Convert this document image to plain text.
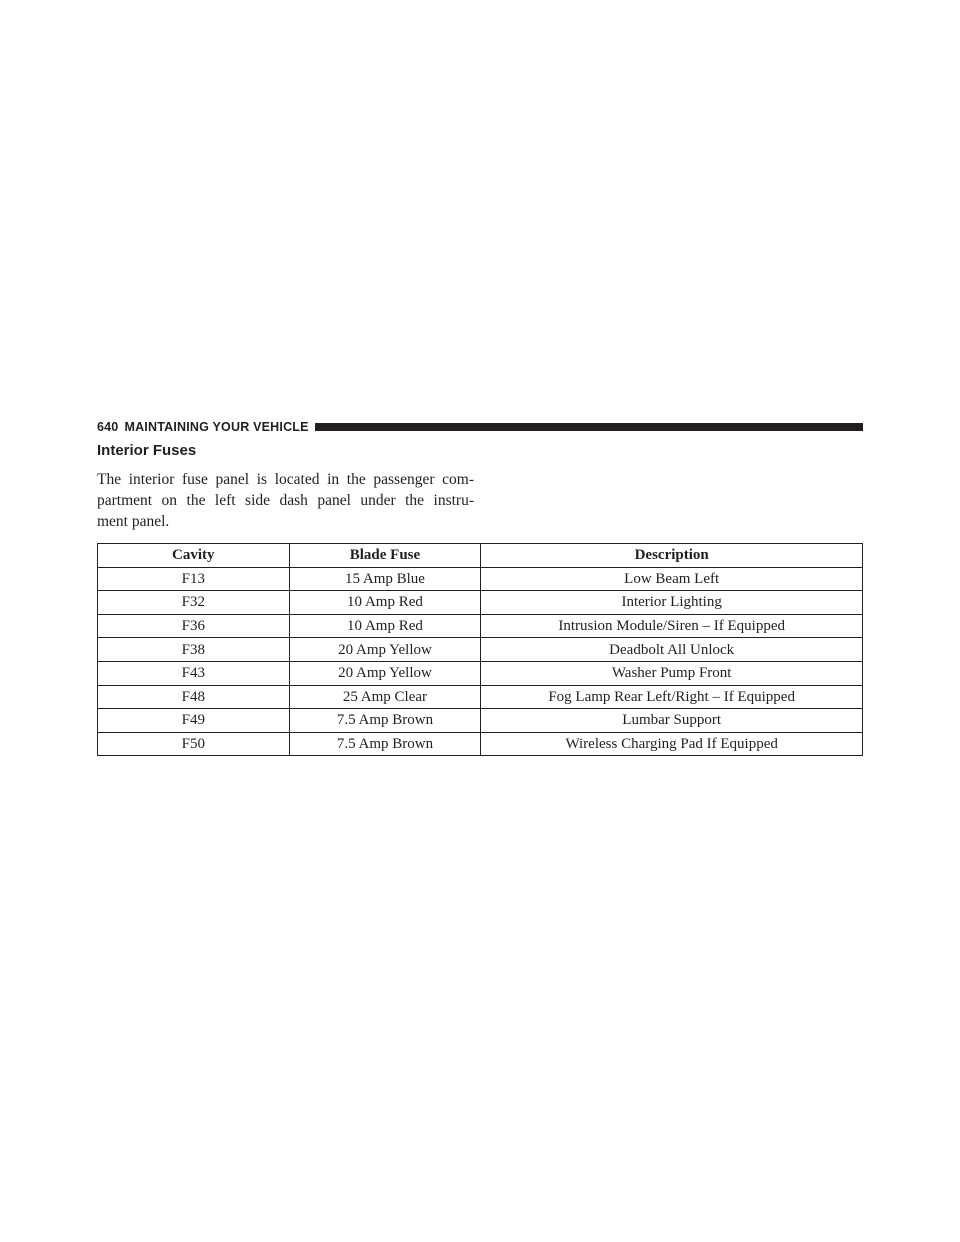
640 MAINTAINING YOUR VEHICLE
Interior Fuses

The interior fuse panel is located in the passenger com-
partment on the left side dash panel under the instru-
ment panel.

Cavity	Blade Fuse	Description
F13	15 Amp Blue	Low Beam Left
F32	10 Amp Red	Interior Lighting
F36	10 Amp Red	Intrusion Module/Siren – If Equipped
F38	20 Amp Yellow	Deadbolt All Unlock
F43	20 Amp Yellow	Washer Pump Front
F48	25 Amp Clear	Fog Lamp Rear Left/Right – If Equipped
F49	7.5 Amp Brown	Lumbar Support
F50	7.5 Amp Brown	Wireless Charging Pad If Equipped
